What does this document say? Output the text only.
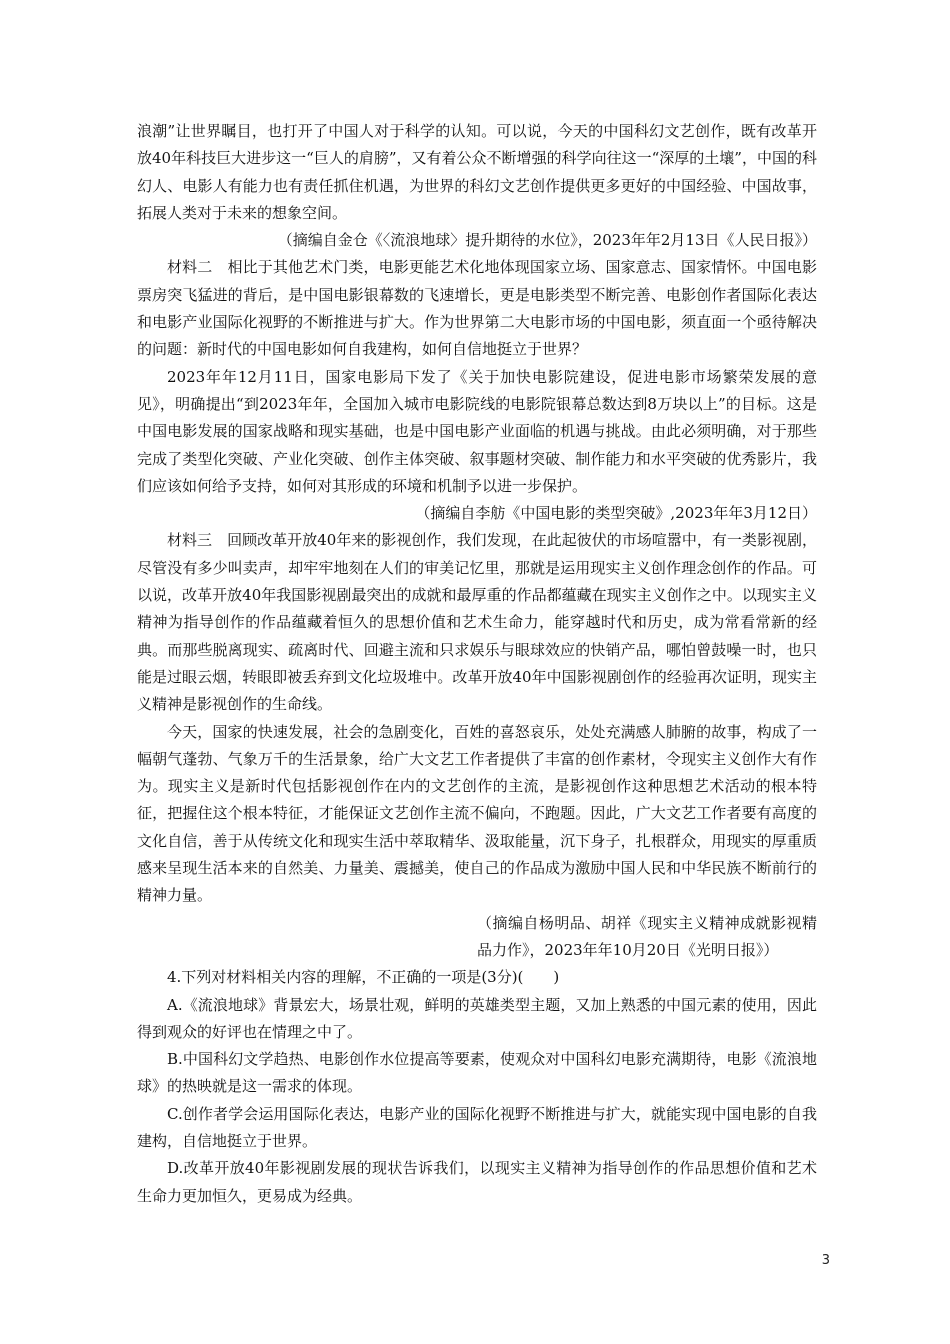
浪潮”让世界瞩目，也打开了中国人对于科学的认知。可以说，今天的中国科幻文艺创作，既有改革开放40年科技巨大进步这一“巨人的肩膀”，又有着公众不断增强的科学向往这一“深厚的土壤”，中国的科幻人、电影人有能力也有责任抓住机遇，为世界的科幻文艺创作提供更多更好的中国经验、中国故事，拓展人类对于未来的想象空间。

（摘编自金仓《〈流浪地球〉提升期待的水位》，2023年年2月13日《人民日报》）

材料二　相比于其他艺术门类，电影更能艺术化地体现国家立场、国家意志、国家情怀。中国电影票房突飞猛进的背后，是中国电影银幕数的飞速增长，更是电影类型不断完善、电影创作者国际化表达和电影产业国际化视野的不断推进与扩大。作为世界第二大电影市场的中国电影，须直面一个亟待解决的问题：新时代的中国电影如何自我建构，如何自信地挺立于世界？

2023年年12月11日，国家电影局下发了《关于加快电影院建设，促进电影市场繁荣发展的意见》，明确提出“到2023年年，全国加入城市电影院线的电影院银幕总数达到8万块以上”的目标。这是中国电影发展的国家战略和现实基础，也是中国电影产业面临的机遇与挑战。由此必须明确，对于那些完成了类型化突破、产业化突破、创作主体突破、叙事题材突破、制作能力和水平突破的优秀影片，我们应该如何给予支持，如何对其形成的环境和机制予以进一步保护。

（摘编自李舫《中国电影的类型突破》,2023年年3月12日）

材料三　回顾改革开放40年来的影视创作，我们发现，在此起彼伏的市场喧嚣中，有一类影视剧，尽管没有多少叫卖声，却牢牢地刻在人们的审美记忆里，那就是运用现实主义创作理念创作的作品。可以说，改革开放40年我国影视剧最突出的成就和最厚重的作品都蕴藏在现实主义创作之中。以现实主义精神为指导创作的作品蕴藏着恒久的思想价值和艺术生命力，能穿越时代和历史，成为常看常新的经典。而那些脱离现实、疏离时代、回避主流和只求娱乐与眼球效应的快销产品，哪怕曾鼓噪一时，也只能是过眼云烟，转眼即被丢弃到文化垃圾堆中。改革开放40年中国影视剧创作的经验再次证明，现实主义精神是影视创作的生命线。

今天，国家的快速发展，社会的急剧变化，百姓的喜怒哀乐，处处充满感人肺腑的故事，构成了一幅朝气蓬勃、气象万千的生活景象，给广大文艺工作者提供了丰富的创作素材，令现实主义创作大有作为。现实主义是新时代包括影视创作在内的文艺创作的主流，是影视创作这种思想艺术活动的根本特征，把握住这个根本特征，才能保证文艺创作主流不偏向，不跑题。因此，广大文艺工作者要有高度的文化自信，善于从传统文化和现实生活中萃取精华、汲取能量，沉下身子，扎根群众，用现实的厚重质感来呈现生活本来的自然美、力量美、震撼美，使自己的作品成为激励中国人民和中华民族不断前行的精神力量。

（摘编自杨明品、胡祥《现实主义精神成就影视精品力作》，2023年年10月20日《光明日报》）

4.下列对材料相关内容的理解，不正确的一项是(3分)(　　)

A.《流浪地球》背景宏大，场景壮观，鲜明的英雄类型主题，又加上熟悉的中国元素的使用，因此得到观众的好评也在情理之中了。

B.中国科幻文学趋热、电影创作水位提高等要素，使观众对中国科幻电影充满期待，电影《流浪地球》的热映就是这一需求的体现。

C.创作者学会运用国际化表达，电影产业的国际化视野不断推进与扩大，就能实现中国电影的自我建构，自信地挺立于世界。

D.改革开放40年影视剧发展的现状告诉我们，以现实主义精神为指导创作的作品思想价值和艺术生命力更加恒久，更易成为经典。

3
